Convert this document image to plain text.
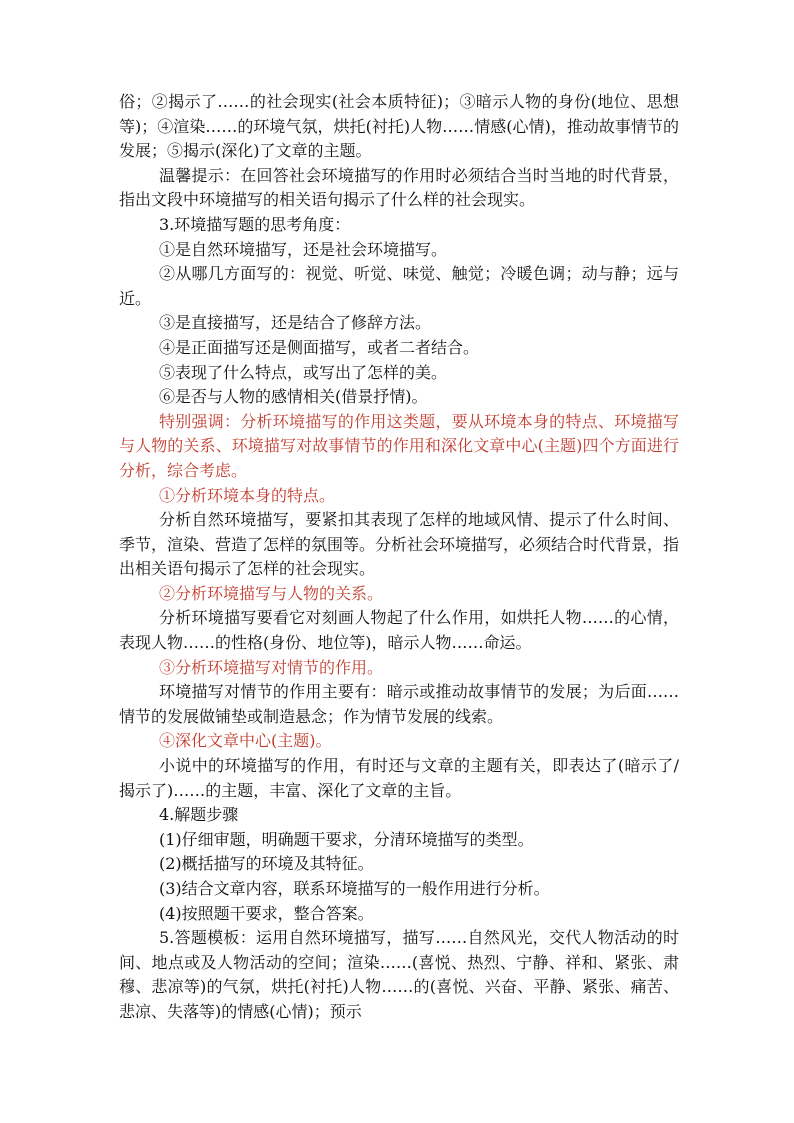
俗；②揭示了……的社会现实(社会本质特征)；③暗示人物的身份(地位、思想等)；④渲染……的环境气氛，烘托(衬托)人物……情感(心情)，推动故事情节的发展；⑤揭示(深化)了文章的主题。

温馨提示：在回答社会环境描写的作用时必须结合当时当地的时代背景，指出文段中环境描写的相关语句揭示了什么样的社会现实。

3.环境描写题的思考角度：

①是自然环境描写，还是社会环境描写。

②从哪几方面写的：视觉、听觉、味觉、触觉；冷暖色调；动与静；远与近。

③是直接描写，还是结合了修辞方法。

④是正面描写还是侧面描写，或者二者结合。

⑤表现了什么特点，或写出了怎样的美。

⑥是否与人物的感情相关(借景抒情)。

特别强调：分析环境描写的作用这类题，要从环境本身的特点、环境描写与人物的关系、环境描写对故事情节的作用和深化文章中心(主题)四个方面进行分析，综合考虑。

①分析环境本身的特点。

分析自然环境描写，要紧扣其表现了怎样的地域风情、提示了什么时间、季节，渲染、营造了怎样的氛围等。分析社会环境描写，必须结合时代背景，指出相关语句揭示了怎样的社会现实。

②分析环境描写与人物的关系。

分析环境描写要看它对刻画人物起了什么作用，如烘托人物……的心情，表现人物……的性格(身份、地位等)，暗示人物……命运。

③分析环境描写对情节的作用。

环境描写对情节的作用主要有：暗示或推动故事情节的发展；为后面……情节的发展做铺垫或制造悬念；作为情节发展的线索。

④深化文章中心(主题)。

小说中的环境描写的作用，有时还与文章的主题有关，即表达了(暗示了/揭示了)……的主题，丰富、深化了文章的主旨。

4.解题步骤

(1)仔细审题，明确题干要求，分清环境描写的类型。

(2)概括描写的环境及其特征。

(3)结合文章内容，联系环境描写的一般作用进行分析。

(4)按照题干要求，整合答案。

5.答题模板：运用自然环境描写，描写……自然风光，交代人物活动的时间、地点或及人物活动的空间；渲染……(喜悦、热烈、宁静、祥和、紧张、肃穆、悲凉等)的气氛，烘托(衬托)人物……的(喜悦、兴奋、平静、紧张、痛苦、悲凉、失落等)的情感(心情)；预示
